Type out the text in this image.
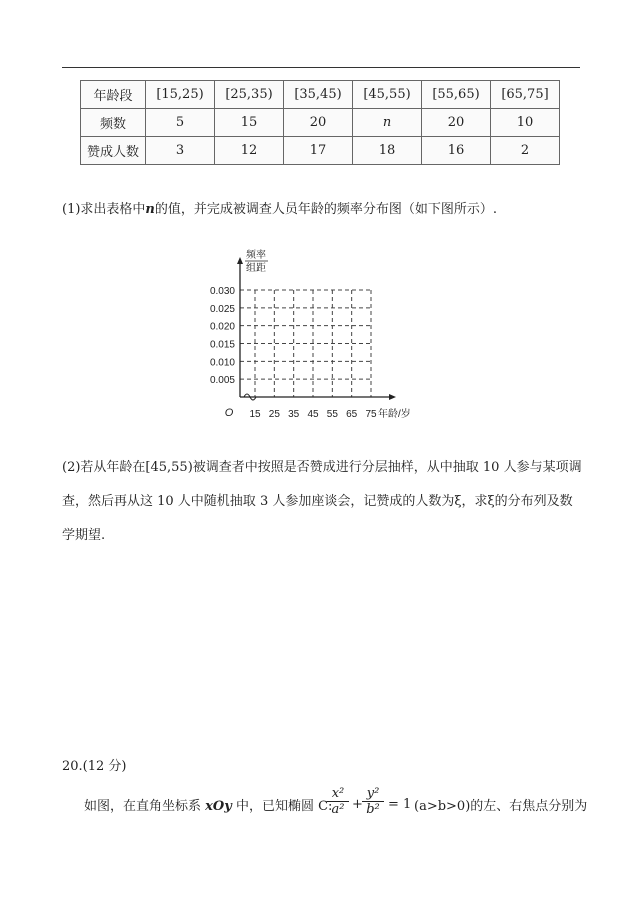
年龄段	[15,25)	[25,35)	[35,45)	[45,55)	[55,65)	[65,75]
频数	5	15	20	n	20	10
赞成人数	3	12	17	18	16	2
(1)求出表格中n的值，并完成被调查人员年龄的频率分布图（如下图所示）.
0.005
0.010
0.015
0.020
0.025
0.030
15 25 35 45 55 65 75
频率
组距
年龄/岁
O
(2)若从年龄在[45,55)被调查者中按照是否赞成进行分层抽样，从中抽取 10 人参与某项调
查，然后再从这 10 人中随机抽取 3 人参加座谈会，记赞成的人数为ξ，求ξ的分布列及数
学期望.
20.(12 分)
如图，在直角坐标系 xOy 中，已知椭圆 C:
$\frac{\text{x²}}{\text{a²}} + \frac{\text{y²}}{\text{b²}} = 1$ (a>b>0)的左、右焦点分别为
